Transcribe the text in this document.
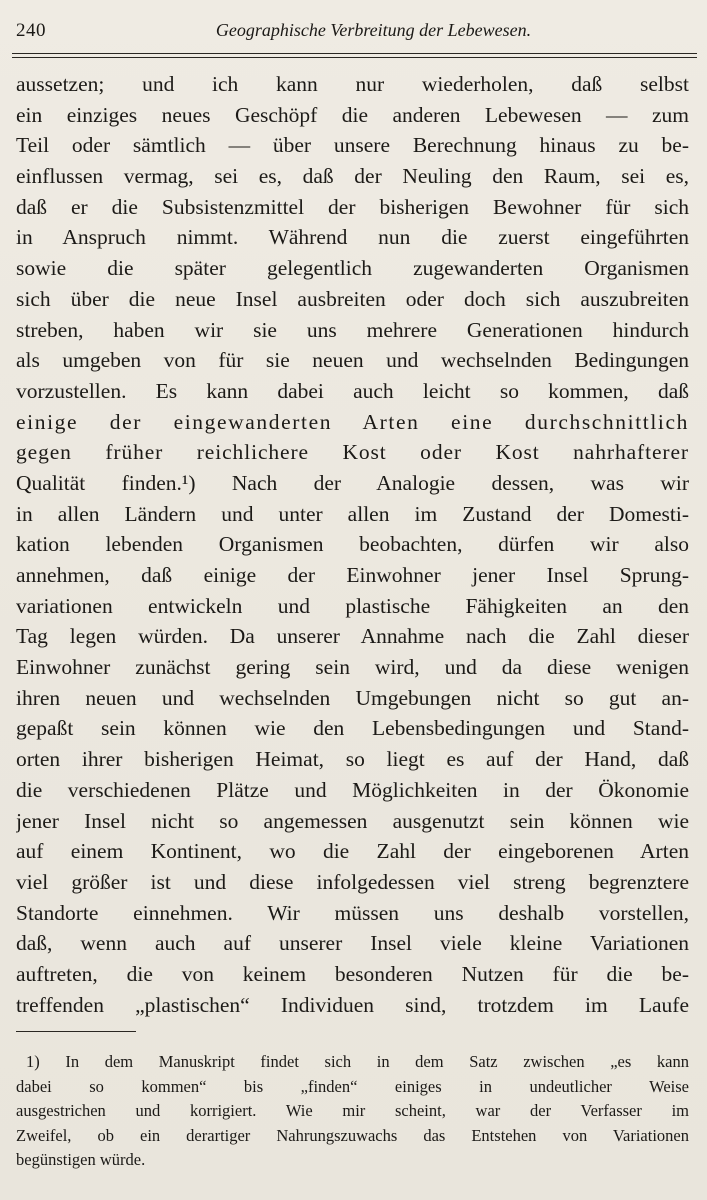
240	Geographische Verbreitung der Lebewesen.
aussetzen; und ich kann nur wiederholen, daß selbst
ein einziges neues Geschöpf die anderen Lebewesen — zum
Teil oder sämtlich — über unsere Berechnung hinaus zu be-
einflussen vermag, sei es, daß der Neuling den Raum, sei es,
daß er die Subsistenzmittel der bisherigen Bewohner für sich
in Anspruch nimmt. Während nun die zuerst eingeführten
sowie die später gelegentlich zugewanderten Organismen
sich über die neue Insel ausbreiten oder doch sich auszubreiten
streben, haben wir sie uns mehrere Generationen hindurch
als umgeben von für sie neuen und wechselnden Bedingungen
vorzustellen. Es kann dabei auch leicht so kommen, daß
einige der eingewanderten Arten eine durchschnittlich
gegen früher reichlichere Kost oder Kost nahrhafterer
Qualität finden.¹) Nach der Analogie dessen, was wir
in allen Ländern und unter allen im Zustand der Domesti-
kation lebenden Organismen beobachten, dürfen wir also
annehmen, daß einige der Einwohner jener Insel Sprung-
variationen entwickeln und plastische Fähigkeiten an den
Tag legen würden. Da unserer Annahme nach die Zahl dieser
Einwohner zunächst gering sein wird, und da diese wenigen
ihren neuen und wechselnden Umgebungen nicht so gut an-
gepaßt sein können wie den Lebensbedingungen und Stand-
orten ihrer bisherigen Heimat, so liegt es auf der Hand, daß
die verschiedenen Plätze und Möglichkeiten in der Ökonomie
jener Insel nicht so angemessen ausgenutzt sein können wie
auf einem Kontinent, wo die Zahl der eingeborenen Arten
viel größer ist und diese infolgedessen viel streng begrenztere
Standorte einnehmen. Wir müssen uns deshalb vorstellen,
daß, wenn auch auf unserer Insel viele kleine Variationen
auftreten, die von keinem besonderen Nutzen für die be-
treffenden „plastischen“ Individuen sind, trotzdem im Laufe
1) In dem Manuskript findet sich in dem Satz zwischen „es kann
dabei so kommen“ bis „finden“ einiges in undeutlicher Weise
ausgestrichen und korrigiert. Wie mir scheint, war der Verfasser im
Zweifel, ob ein derartiger Nahrungszuwachs das Entstehen von Variationen
begünstigen würde.
